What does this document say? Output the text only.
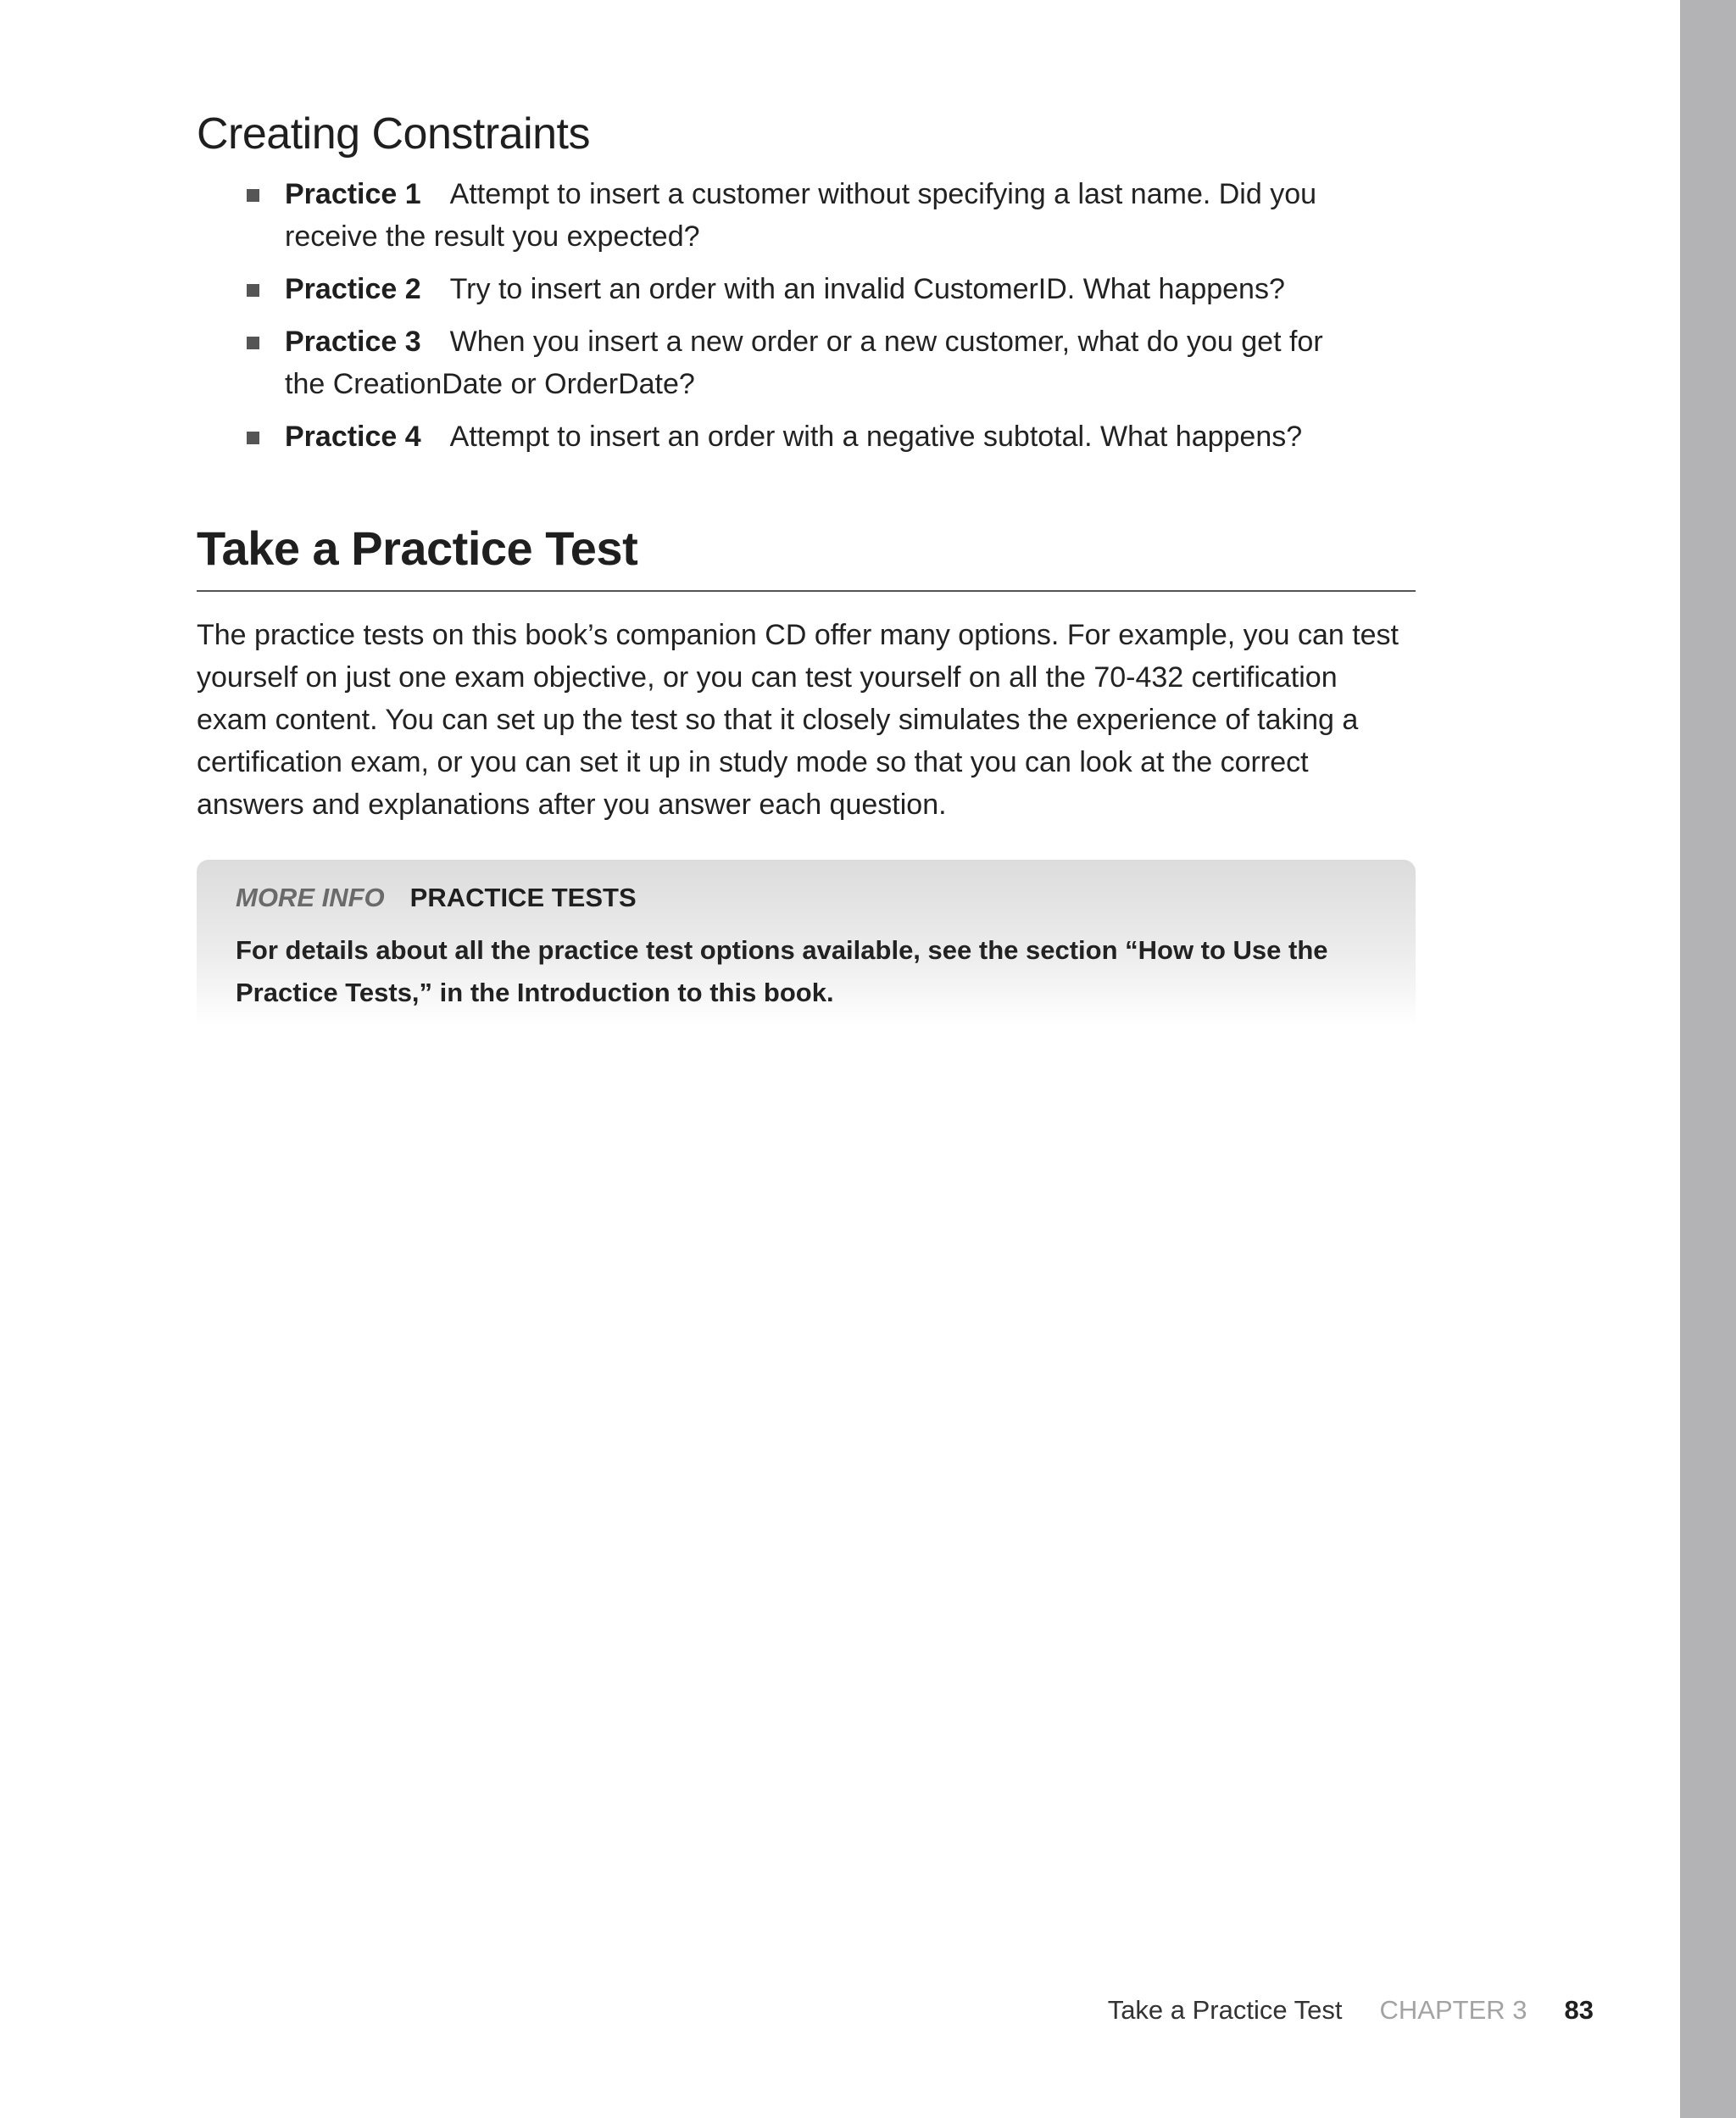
Creating Constraints
Practice 1 Attempt to insert a customer without specifying a last name. Did you receive the result you expected?
Practice 2 Try to insert an order with an invalid CustomerID. What happens?
Practice 3 When you insert a new order or a new customer, what do you get for the CreationDate or OrderDate?
Practice 4 Attempt to insert an order with a negative subtotal. What happens?
Take a Practice Test

The practice tests on this book’s companion CD offer many options. For example, you can test yourself on just one exam objective, or you can test yourself on all the 70-432 certification exam content. You can set up the test so that it closely simulates the experience of taking a certification exam, or you can set it up in study mode so that you can look at the correct answers and explanations after you answer each question.

MORE INFO PRACTICE TESTS

For details about all the practice test options available, see the section “How to Use the Practice Tests,” in the Introduction to this book.

Take a Practice Test CHAPTER 3 83
